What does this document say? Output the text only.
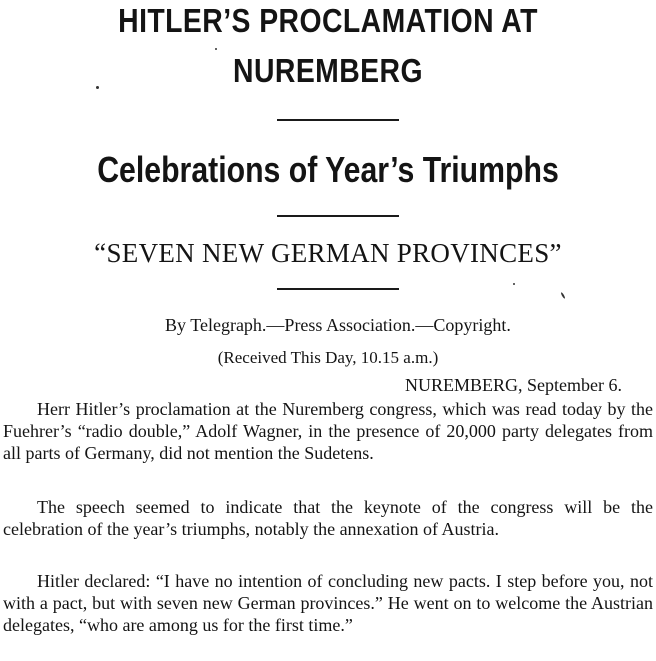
HITLER’S PROCLAMATION AT
NUREMBERG
Celebrations of Year’s Triumphs
“SEVEN NEW GERMAN PROVINCES”
By Telegraph.—Press Association.—Copyright.
(Received This Day, 10.15 a.m.)
NUREMBERG, September 6.

Herr Hitler’s proclamation at the Nuremberg congress, which was read today by the Fuehrer’s “radio double,” Adolf Wagner, in the presence of 20,000 party delegates from all parts of Germany, did not mention the Sudetens.

The speech seemed to indicate that the keynote of the congress will be the celebration of the year’s triumphs, notably the annexation of Austria.

Hitler declared: “I have no intention of concluding new pacts. I step before you, not with a pact, but with seven new German provinces.” He went on to welcome the Austrian delegates, “who are among us for the first time.”
